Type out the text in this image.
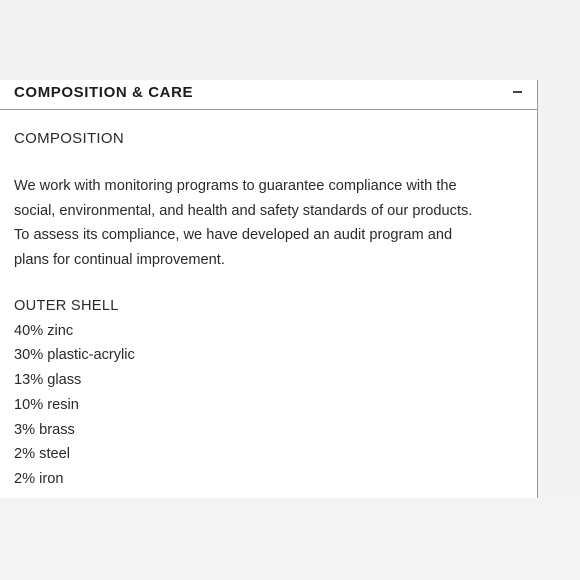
COMPOSITION & CARE
COMPOSITION

We work with monitoring programs to guarantee compliance with the

social, environmental, and health and safety standards of our products.

To assess its compliance, we have developed an audit program and

plans for continual improvement.

OUTER SHELL
40% zinc
30% plastic-acrylic
13% glass
10% resin
3% brass
2% steel
2% iron
